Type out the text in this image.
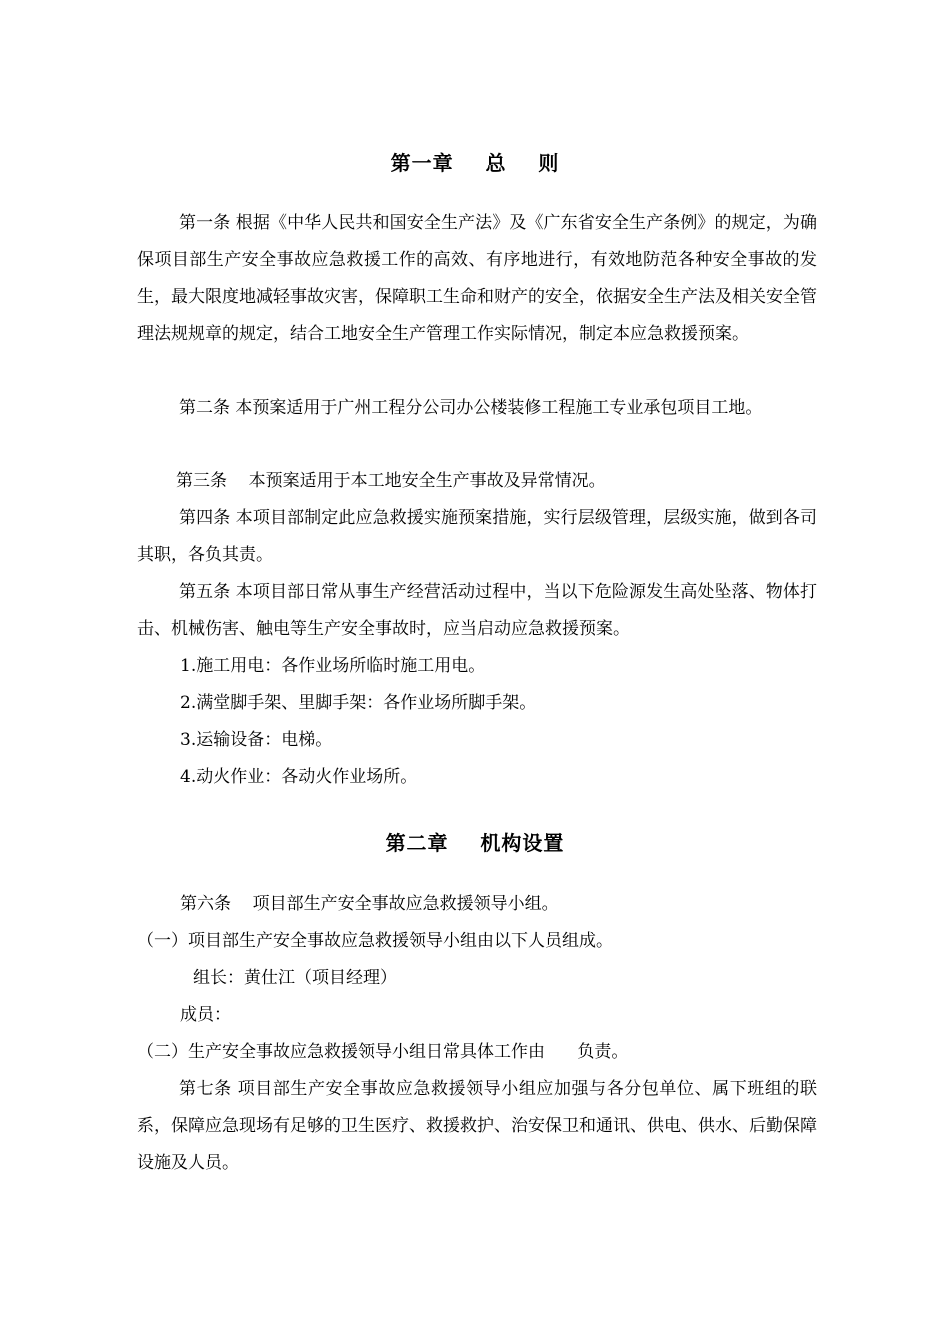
第一章    总    则
第一条 根据《中华人民共和国安全生产法》及《广东省安全生产条例》的规定，为确保项目部生产安全事故应急救援工作的高效、有序地进行，有效地防范各种安全事故的发生，最大限度地减轻事故灾害，保障职工生命和财产的安全，依据安全生产法及相关安全管理法规规章的规定，结合工地安全生产管理工作实际情况，制定本应急救援预案。
第二条 本预案适用于广州工程分公司办公楼装修工程施工专业承包项目工地。
第三条    本预案适用于本工地安全生产事故及异常情况。
第四条 本项目部制定此应急救援实施预案措施，实行层级管理，层级实施，做到各司其职，各负其责。
第五条 本项目部日常从事生产经营活动过程中，当以下危险源发生高处坠落、物体打击、机械伤害、触电等生产安全事故时，应当启动应急救援预案。
1.施工用电：各作业场所临时施工用电。
2.满堂脚手架、里脚手架：各作业场所脚手架。
3.运输设备：电梯。
4.动火作业：各动火作业场所。
第二章    机构设置
第六条    项目部生产安全事故应急救援领导小组。
（一）项目部生产安全事故应急救援领导小组由以下人员组成。
组长：黄仕江（项目经理）
成员：
（二）生产安全事故应急救援领导小组日常具体工作由      负责。
第七条 项目部生产安全事故应急救援领导小组应加强与各分包单位、属下班组的联系，保障应急现场有足够的卫生医疗、救援救护、治安保卫和通讯、供电、供水、后勤保障设施及人员。
